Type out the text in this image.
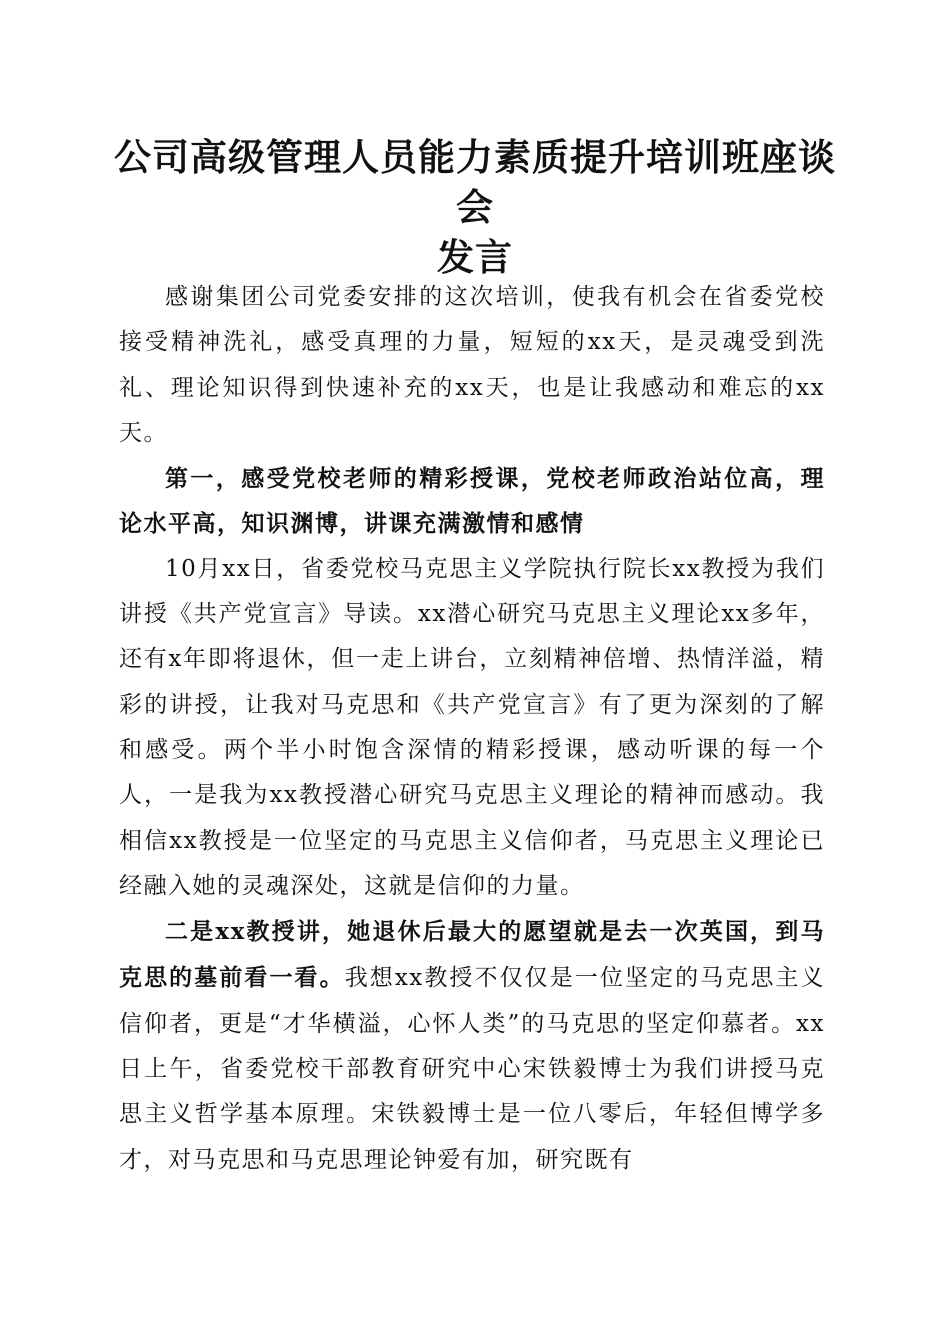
公司高级管理人员能力素质提升培训班座谈会
发言

感谢集团公司党委安排的这次培训，使我有机会在省委党校接受精神洗礼，感受真理的力量，短短的xx天，是灵魂受到洗礼、理论知识得到快速补充的xx天，也是让我感动和难忘的xx天。

第一，感受党校老师的精彩授课，党校老师政治站位高，理论水平高，知识渊博，讲课充满激情和感情

10月xx日，省委党校马克思主义学院执行院长xx教授为我们讲授《共产党宣言》导读。xx潜心研究马克思主义理论xx多年，还有x年即将退休，但一走上讲台，立刻精神倍增、热情洋溢，精彩的讲授，让我对马克思和《共产党宣言》有了更为深刻的了解和感受。两个半小时饱含深情的精彩授课，感动听课的每一个人，一是我为xx教授潜心研究马克思主义理论的精神而感动。我相信xx教授是一位坚定的马克思主义信仰者，马克思主义理论已经融入她的灵魂深处，这就是信仰的力量。

二是xx教授讲，她退休后最大的愿望就是去一次英国，到马克思的墓前看一看。我想xx教授不仅仅是一位坚定的马克思主义信仰者，更是“才华横溢，心怀人类”的马克思的坚定仰慕者。xx日上午，省委党校干部教育研究中心宋铁毅博士为我们讲授马克思主义哲学基本原理。宋铁毅博士是一位八零后，年轻但博学多才，对马克思和马克思理论钟爱有加，研究既有
